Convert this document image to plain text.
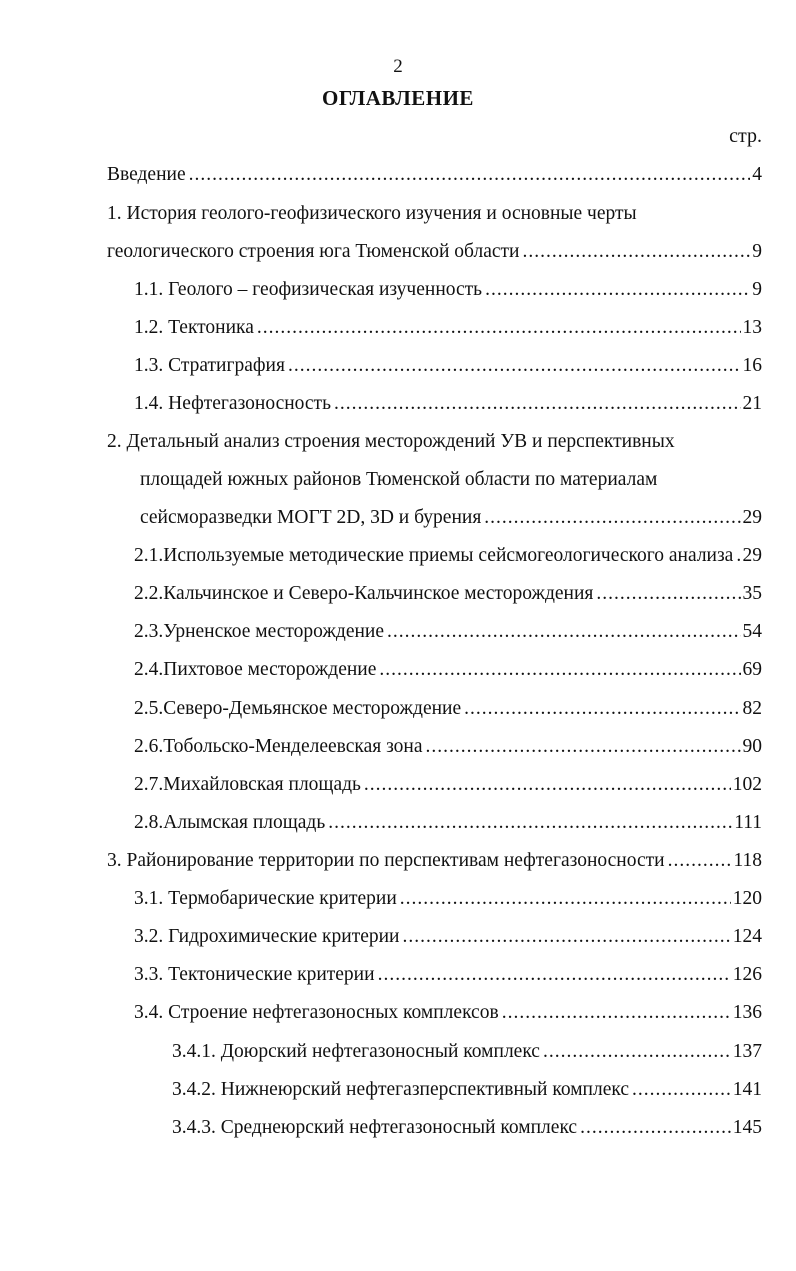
2
ОГЛАВЛЕНИЕ
стр.
Введение .....	4
1. История геолого-геофизического изучения и основные черты
геологического строения юга Тюменской области .....	9
1.1. Геолого – геофизическая изученность .....	9
1.2. Тектоника .....	13
1.3. Стратиграфия .....	16
1.4. Нефтегазоносность .....	21
2. Детальный анализ строения месторождений УВ и перспективных
площадей южных районов Тюменской области по материалам
сейсморазведки МОГТ 2D, 3D и бурения .....	29
2.1.Используемые методические приемы сейсмогеологического анализа ..... 29
2.2.Кальчинское и Северо-Кальчинское месторождения .....	35
2.3.Урненское месторождение .....	54
2.4.Пихтовое месторождение .....	69
2.5.Северо-Демьянское месторождение .....	82
2.6.Тобольско-Менделеевская зона .....	90
2.7.Михайловская площадь .....	102
2.8.Алымская площадь .....	111
3. Районирование территории по перспективам нефтегазоносности .....	118
3.1. Термобарические критерии .....	120
3.2. Гидрохимические критерии .....	124
3.3. Тектонические критерии .....	126
3.4. Строение нефтегазоносных комплексов .....	136
3.4.1. Доюрский нефтегазоносный комплекс .....	137
3.4.2. Нижнеюрский нефтегазперспективный комплекс .....	141
3.4.3. Среднеюрский нефтегазоносный комплекс .....	145
